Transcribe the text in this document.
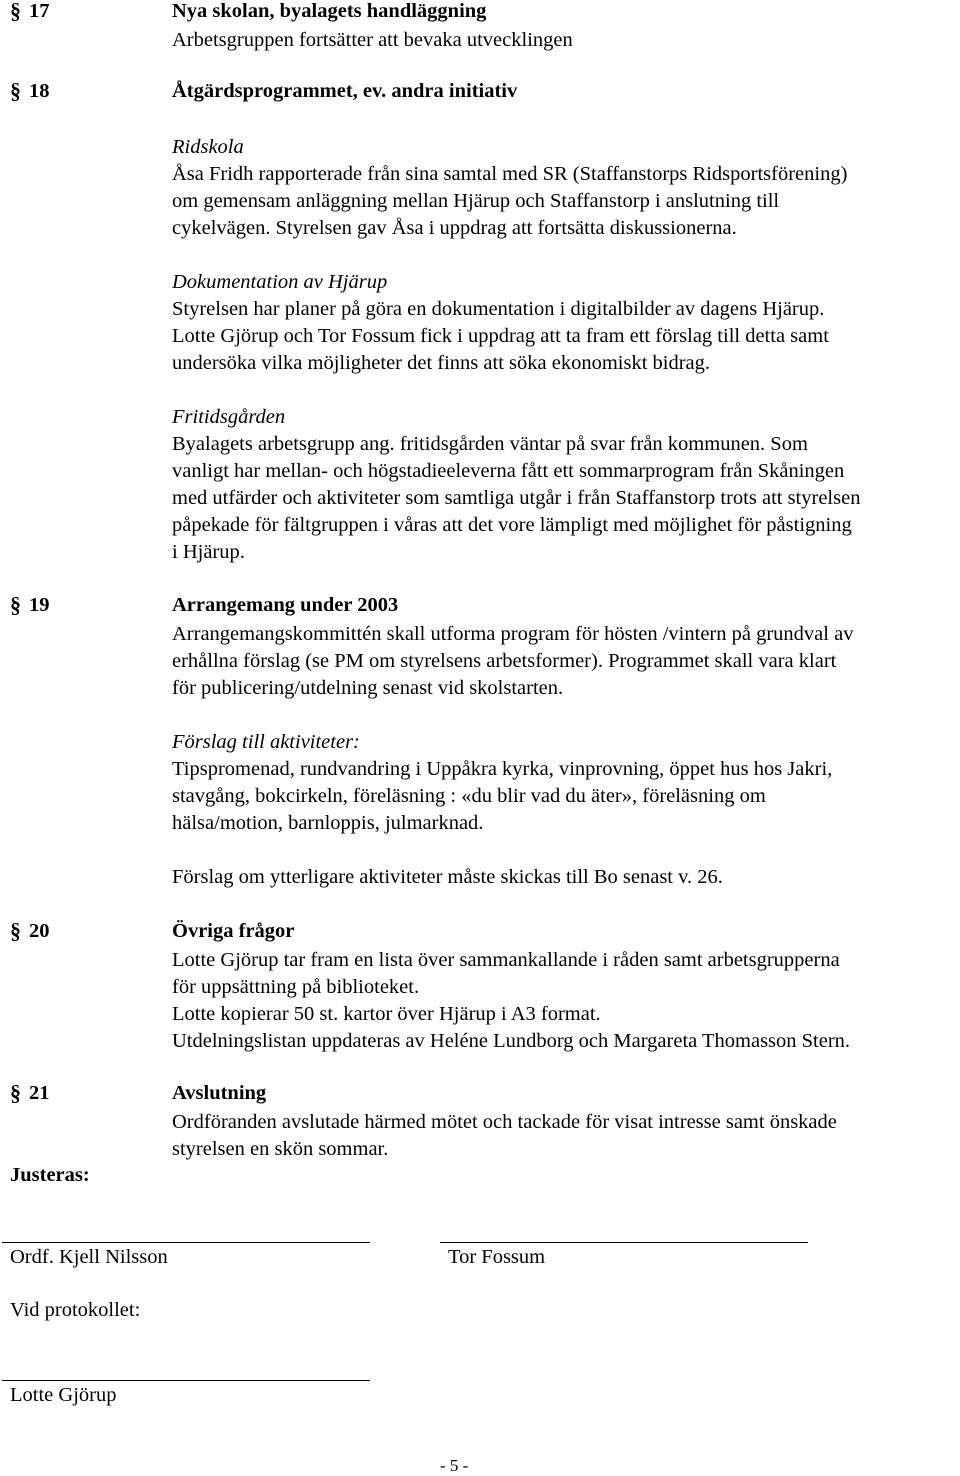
§ 17	Nya skolan, byalagets handläggning
Arbetsgruppen fortsätter att bevaka utvecklingen
§ 18	Åtgärdsprogrammet, ev. andra initiativ
Ridskola
Åsa Fridh rapporterade från sina samtal med SR (Staffanstorps Ridsportsförening)
om gemensam anläggning mellan Hjärup och Staffanstorp i anslutning till
cykelvägen. Styrelsen gav Åsa i uppdrag att fortsätta diskussionerna.
Dokumentation av Hjärup
Styrelsen har planer på göra en dokumentation i digitalbilder av dagens Hjärup.
Lotte Gjörup och Tor Fossum fick i uppdrag att ta fram ett förslag till detta samt
undersöka vilka möjligheter det finns att söka ekonomiskt bidrag.
Fritidsgården
Byalagets arbetsgrupp ang. fritidsgården väntar på svar från kommunen. Som
vanligt har mellan- och högstadieeleverna fått ett sommarprogram från Skåningen
med utfärder och aktiviteter som samtliga utgår i från Staffanstorp trots att styrelsen
påpekade för fältgruppen i våras att det vore lämpligt med möjlighet för påstigning
i Hjärup.
§ 19	Arrangemang under 2003
Arrangemangskommittén skall utforma program för hösten /vintern på grundval av
erhållna förslag (se PM om styrelsens arbetsformer). Programmet skall vara klart
för publicering/utdelning senast vid skolstarten.
Förslag till aktiviteter:
Tipspromenad, rundvandring i Uppåkra kyrka, vinprovning, öppet hus hos Jakri,
stavgång, bokcirkeln, föreläsning : «du blir vad du äter», föreläsning om
hälsa/motion, barnloppis, julmarknad.
Förslag om ytterligare aktiviteter måste skickas till Bo senast v. 26.
§ 20	Övriga frågor
Lotte Gjörup tar fram en lista över sammankallande i råden samt arbetsgrupperna
för uppsättning på biblioteket.
Lotte kopierar 50 st. kartor över Hjärup i A3 format.
Utdelningslistan uppdateras av Heléne Lundborg och Margareta Thomasson Stern.
§ 21	Avslutning
Ordföranden avslutade härmed mötet och tackade för visat intresse samt önskade
styrelsen en skön sommar.
Justeras:
Ordf. Kjell Nilsson	Tor Fossum
Vid protokollet:
Lotte Gjörup
- 5 -
